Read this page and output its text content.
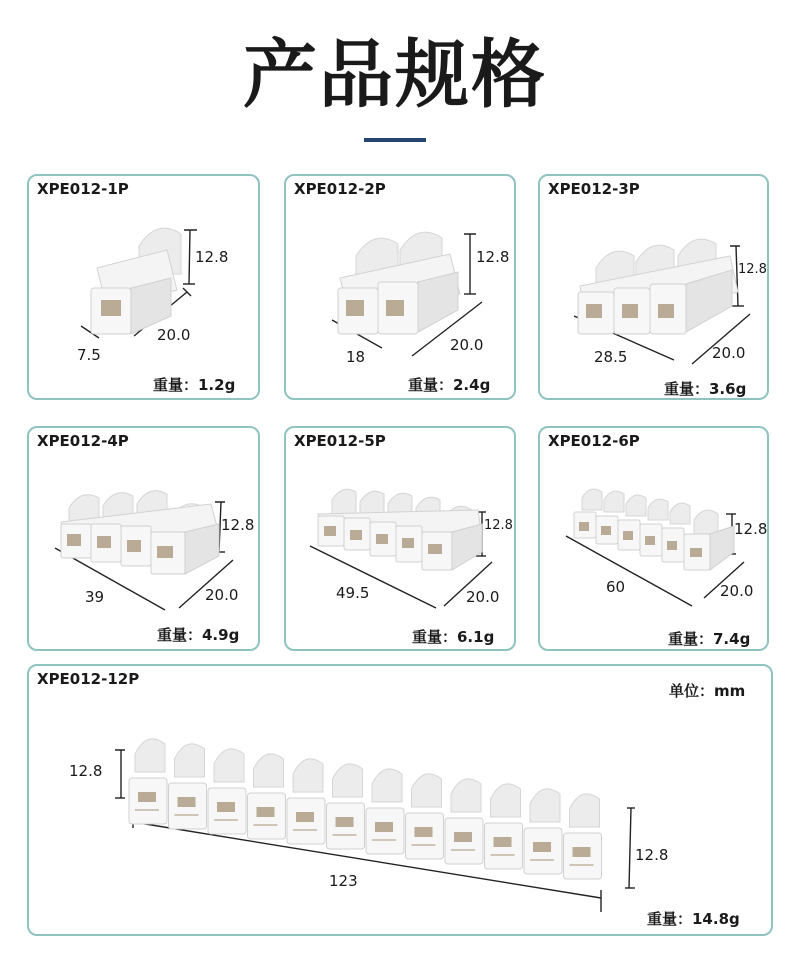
产品规格
XPE012-1P
12.8
20.0
7.5
重量：1.2g
XPE012-2P
12.8
20.0
18
重量：2.4g
XPE012-3P
12.8
20.0
28.5
重量：3.6g
XPE012-4P
12.8
20.0
39
重量：4.9g
XPE012-5P
12.8
20.0
49.5
重量：6.1g
XPE012-6P
12.8
20.0
60
重量：7.4g
XPE012-12P
单位：mm
12.8
12.8
123
重量：14.8g
